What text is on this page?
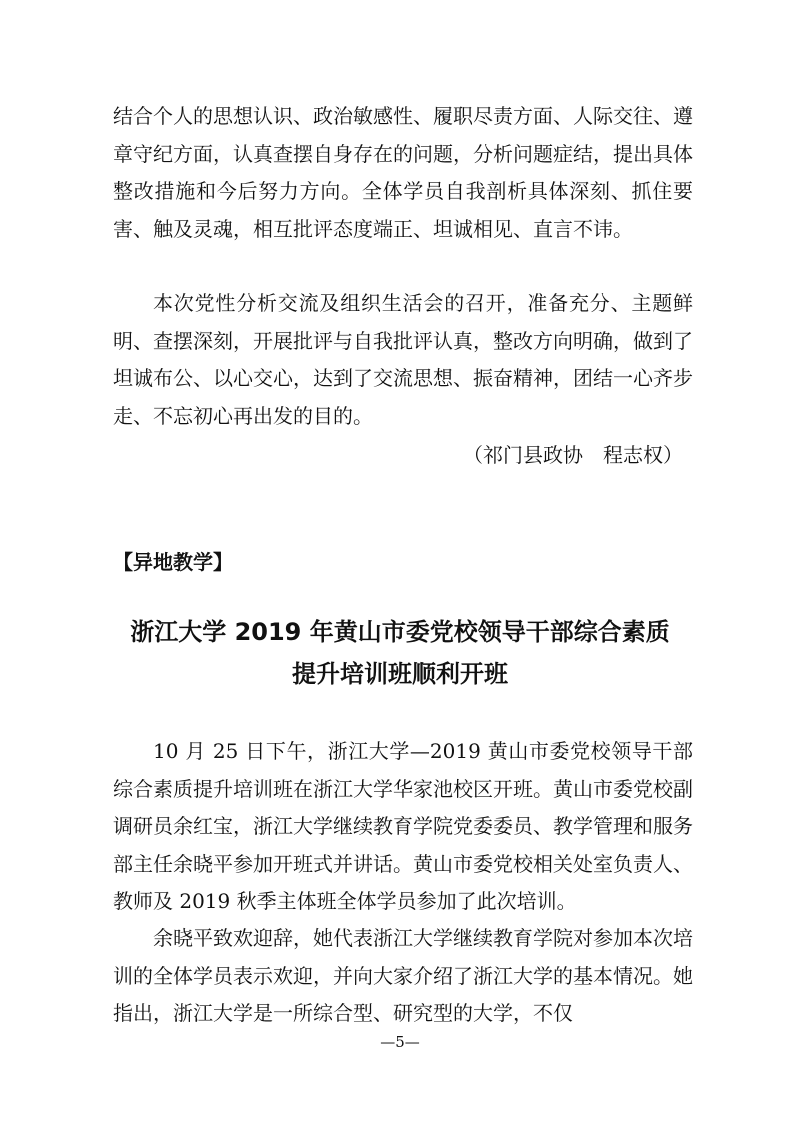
结合个人的思想认识、政治敏感性、履职尽责方面、人际交往、遵章守纪方面，认真查摆自身存在的问题，分析问题症结，提出具体整改措施和今后努力方向。全体学员自我剖析具体深刻、抓住要害、触及灵魂，相互批评态度端正、坦诚相见、直言不讳。

本次党性分析交流及组织生活会的召开，准备充分、主题鲜明、查摆深刻，开展批评与自我批评认真，整改方向明确，做到了坦诚布公、以心交心，达到了交流思想、振奋精神，团结一心齐步走、不忘初心再出发的目的。

（祁门县政协　程志权）

【异地教学】

浙江大学 2019 年黄山市委党校领导干部综合素质
提升培训班顺利开班

10 月 25 日下午，浙江大学—2019 黄山市委党校领导干部综合素质提升培训班在浙江大学华家池校区开班。黄山市委党校副调研员余红宝，浙江大学继续教育学院党委委员、教学管理和服务部主任余晓平参加开班式并讲话。黄山市委党校相关处室负责人、教师及 2019 秋季主体班全体学员参加了此次培训。

余晓平致欢迎辞，她代表浙江大学继续教育学院对参加本次培训的全体学员表示欢迎，并向大家介绍了浙江大学的基本情况。她指出，浙江大学是一所综合型、研究型的大学，不仅

—5—
